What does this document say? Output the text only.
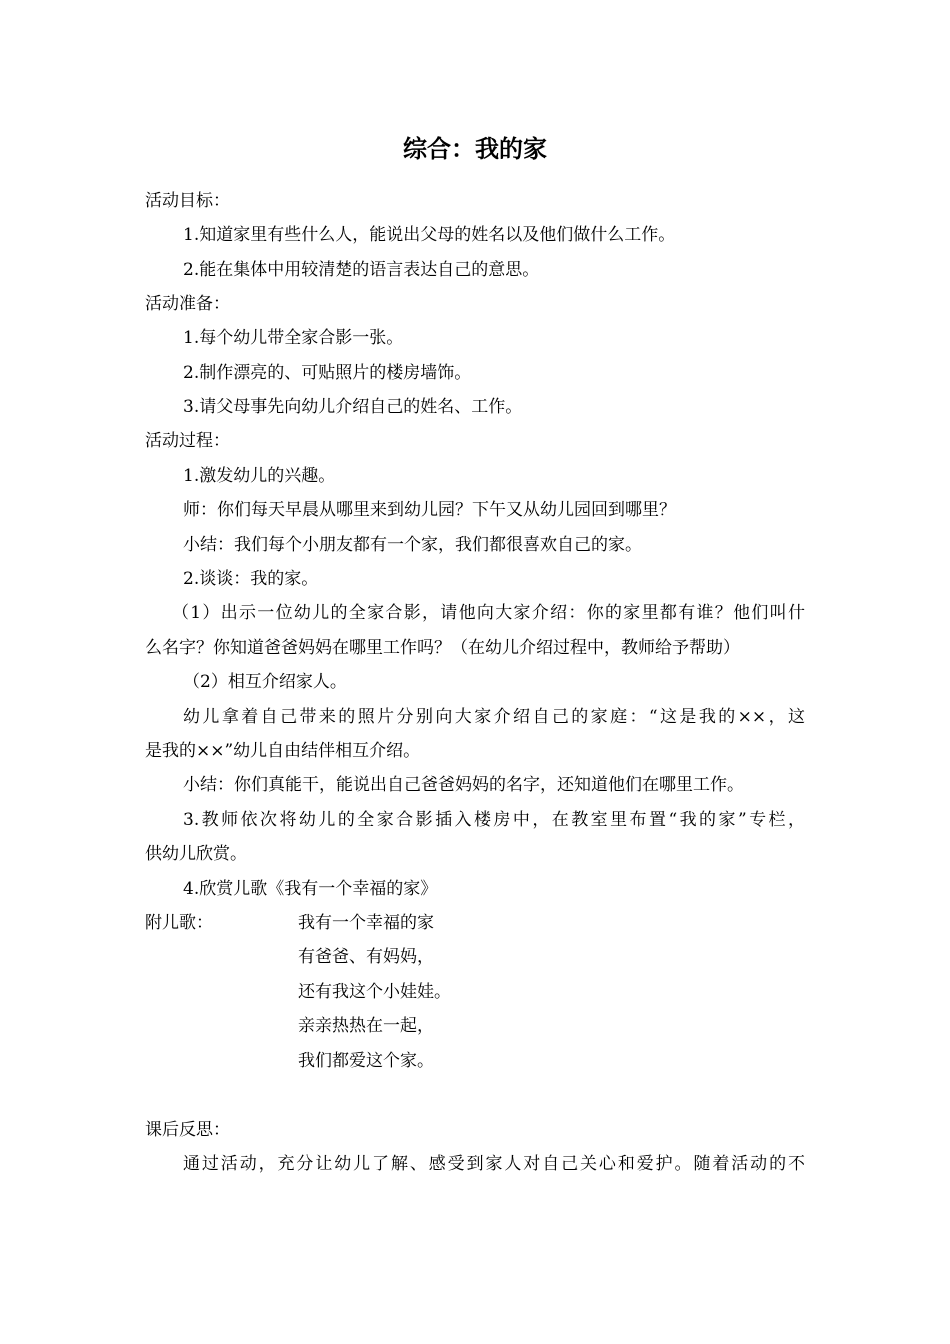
综合：我的家
活动目标：
1.知道家里有些什么人，能说出父母的姓名以及他们做什么工作。
2.能在集体中用较清楚的语言表达自己的意思。
活动准备：
1.每个幼儿带全家合影一张。
2.制作漂亮的、可贴照片的楼房墙饰。
3.请父母事先向幼儿介绍自己的姓名、工作。
活动过程：
1.激发幼儿的兴趣。
师：你们每天早晨从哪里来到幼儿园？下午又从幼儿园回到哪里？
小结：我们每个小朋友都有一个家，我们都很喜欢自己的家。
2.谈谈：我的家。
（1）出示一位幼儿的全家合影，请他向大家介绍：你的家里都有谁？他们叫什
么名字？你知道爸爸妈妈在哪里工作吗？（在幼儿介绍过程中，教师给予帮助）
（2）相互介绍家人。
幼儿拿着自己带来的照片分别向大家介绍自己的家庭：“这是我的××，这
是我的××”幼儿自由结伴相互介绍。
小结：你们真能干，能说出自己爸爸妈妈的名字，还知道他们在哪里工作。
3.教师依次将幼儿的全家合影插入楼房中，在教室里布置“我的家”专栏，
供幼儿欣赏。
4.欣赏儿歌《我有一个幸福的家》
附儿歌：	我有一个幸福的家
有爸爸、有妈妈，
还有我这个小娃娃。
亲亲热热在一起，
我们都爱这个家。
课后反思：
通过活动，充分让幼儿了解、感受到家人对自己关心和爱护。随着活动的不
